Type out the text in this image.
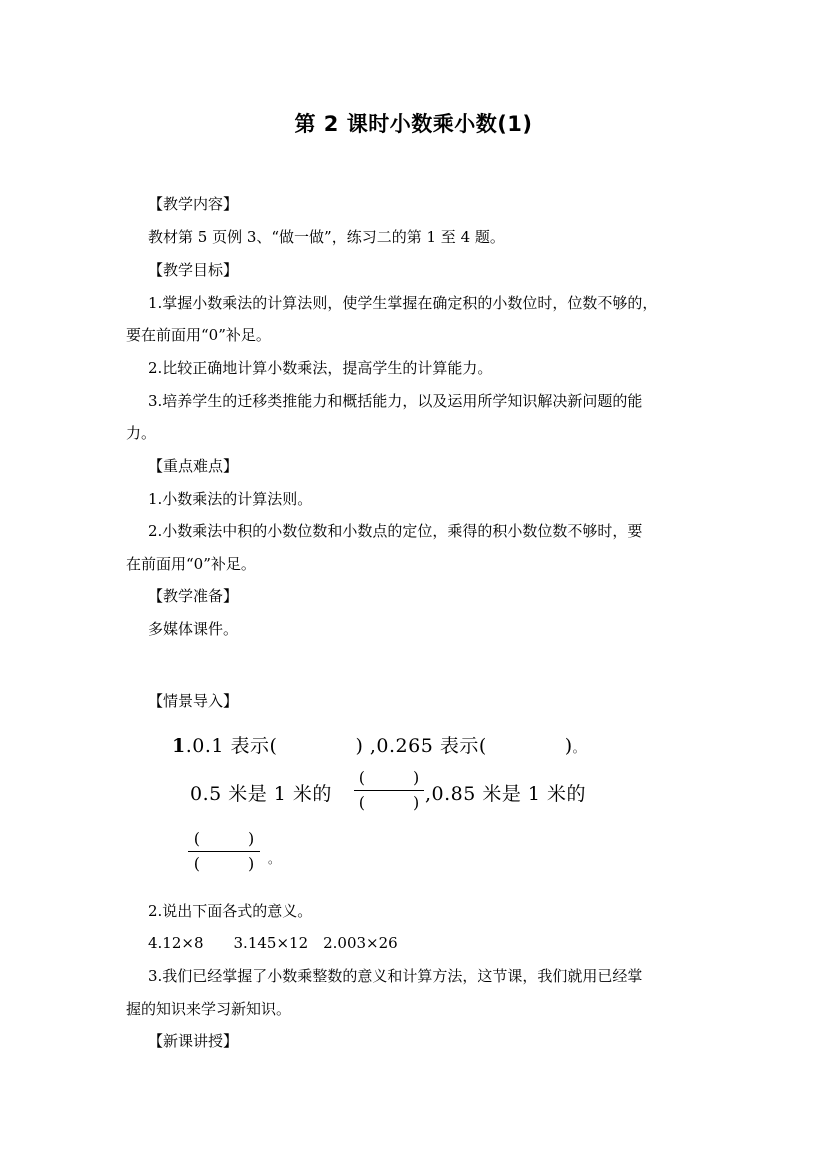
第 2 课时小数乘小数(1)
【教学内容】
教材第 5 页例 3、“做一做”，练习二的第 1 至 4 题。
【教学目标】
1.掌握小数乘法的计算法则，使学生掌握在确定积的小数位时，位数不够的，
要在前面用“0”补足。
2.比较正确地计算小数乘法，提高学生的计算能力。
3.培养学生的迁移类推能力和概括能力，以及运用所学知识解决新问题的能
力。
【重点难点】
1.小数乘法的计算法则。
2.小数乘法中积的小数位数和小数点的定位，乘得的积小数位数不够时，要
在前面用“0”补足。
【教学准备】
多媒体课件。
【情景导入】
1.0.1 表示(　　　　) ,0.265 表示(　　　　)。
0.5 米是 1 米的
(　　　)
(　　　) ,0.85 米是 1 米的
(　　　)
(　　　)	。
2.说出下面各式的意义。
4.12×8　　3.145×12　2.003×26
3.我们已经掌握了小数乘整数的意义和计算方法，这节课，我们就用已经掌
握的知识来学习新知识。
【新课讲授】
